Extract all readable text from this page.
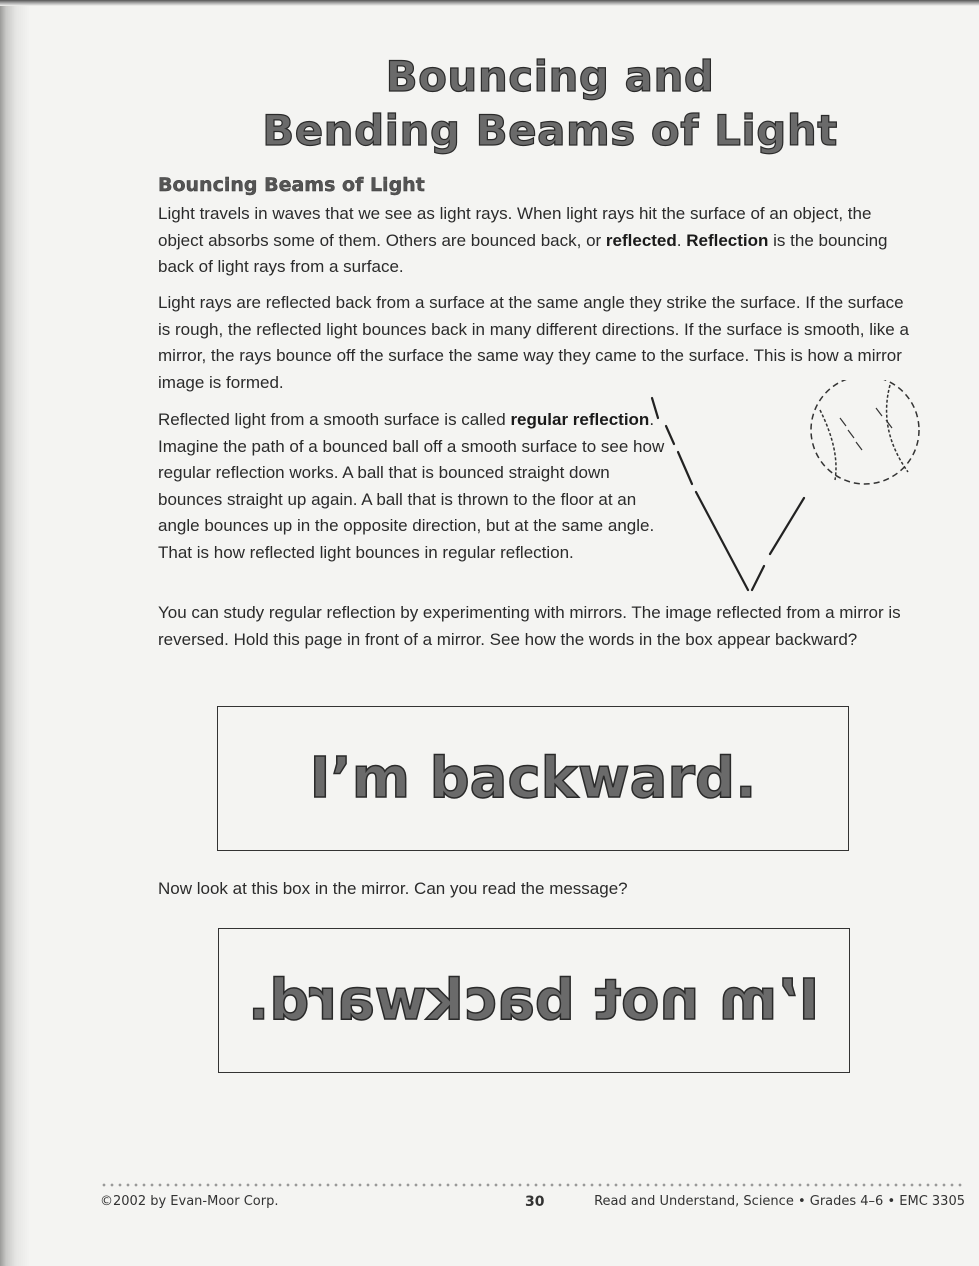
Bouncing and
Bending Beams of Light
Bouncing Beams of Light

Light travels in waves that we see as light rays. When light rays hit the surface of an object, the object absorbs some of them. Others are bounced back, or reflected. Reflection is the bouncing back of light rays from a surface.

Light rays are reflected back from a surface at the same angle they strike the surface. If the surface is rough, the reflected light bounces back in many different directions. If the surface is smooth, like a mirror, the rays bounce off the surface the same way they came to the surface. This is how a mirror image is formed.

Reflected light from a smooth surface is called regular reflection. Imagine the path of a bounced ball off a smooth surface to see how regular reflection works. A ball that is bounced straight down bounces straight up again. A ball that is thrown to the floor at an angle bounces up in the opposite direction, but at the same angle. That is how reflected light bounces in regular reflection.

You can study regular reflection by experimenting with mirrors. The image reflected from a mirror is reversed. Hold this page in front of a mirror. See how the words in the box appear backward?

I’m backward.

Now look at this box in the mirror. Can you read the message?

I’m not backward.
©2002 by Evan-Moor Corp.	30	Read and Understand, Science • Grades 4–6 • EMC 3305
